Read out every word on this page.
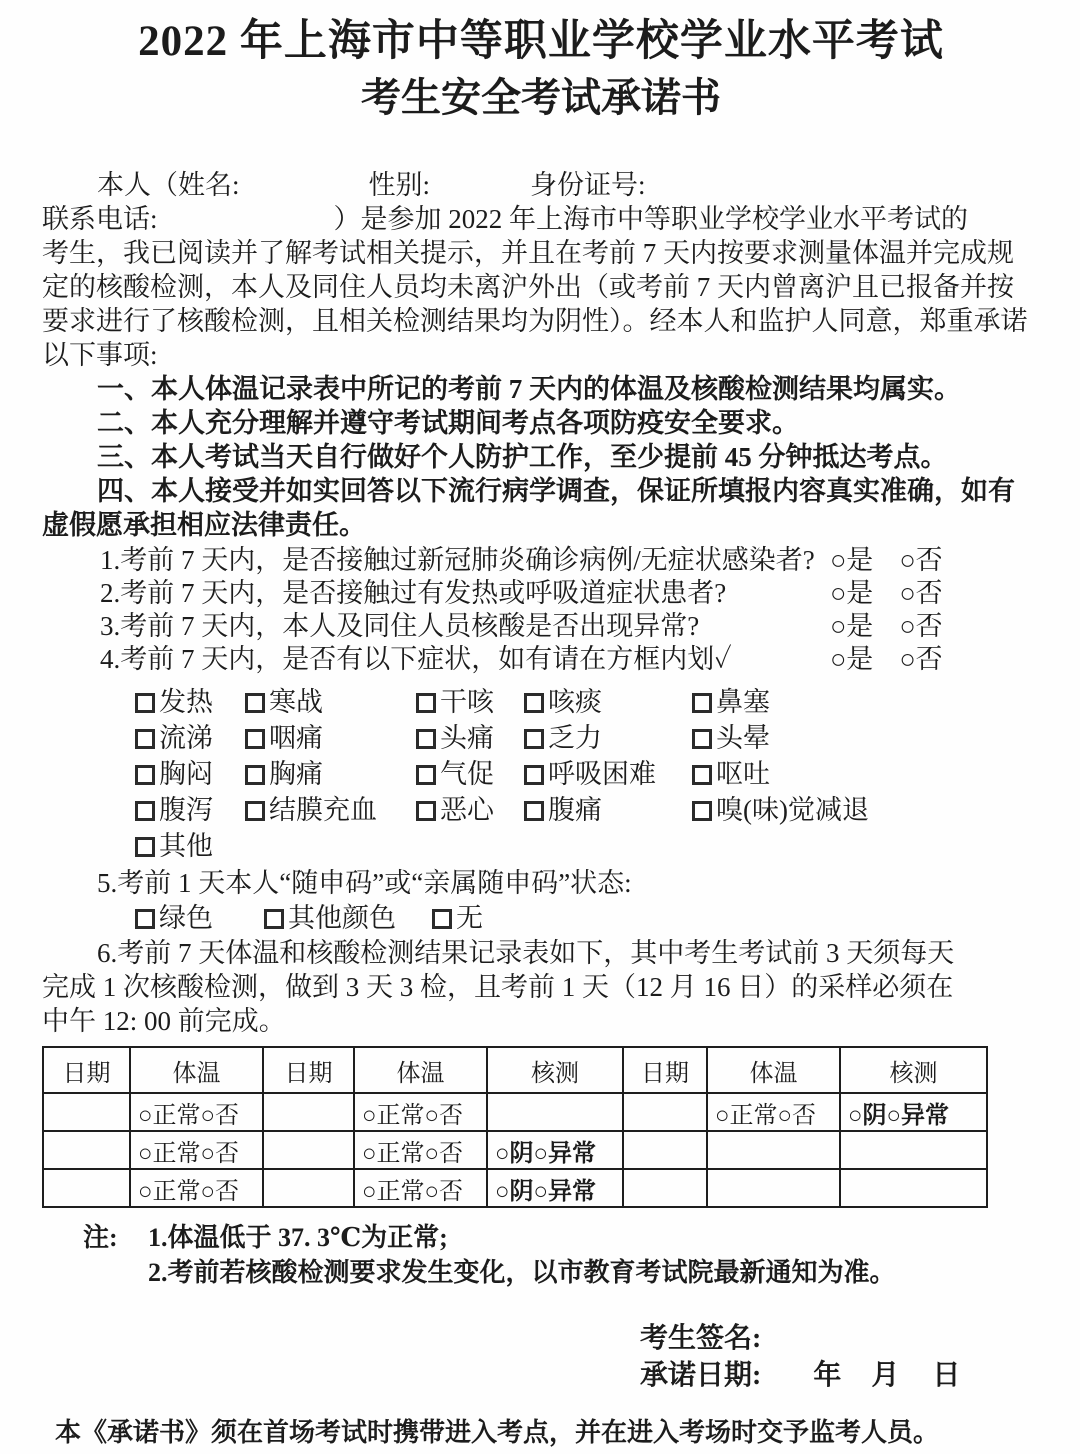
2022 年上海市中等职业学校学业水平考试
考生安全考试承诺书
本人（姓名:	性别:	身份证号:
联系电话:	）是参加 2022 年上海市中等职业学校学业水平考试的
考生，我已阅读并了解考试相关提示，并且在考前 7 天内按要求测量体温并完成规
定的核酸检测，本人及同住人员均未离沪外出（或考前 7 天内曾离沪且已报备并按
要求进行了核酸检测，且相关检测结果均为阴性）。经本人和监护人同意，郑重承诺
以下事项:
一、本人体温记录表中所记的考前 7 天内的体温及核酸检测结果均属实。
二、本人充分理解并遵守考试期间考点各项防疫安全要求。
三、本人考试当天自行做好个人防护工作，至少提前 45 分钟抵达考点。
四、本人接受并如实回答以下流行病学调查，保证所填报内容真实准确，如有
虚假愿承担相应法律责任。
1.考前 7 天内，是否接触过新冠肺炎确诊病例/无症状感染者? ○是 ○否
2.考前 7 天内，是否接触过有发热或呼吸道症状患者?	○是 ○否
3.考前 7 天内，本人及同住人员核酸是否出现异常?	○是 ○否
4.考前 7 天内，是否有以下症状，如有请在方框内划✓	○是 ○否
发热	寒战	干咳	咳痰	鼻塞
流涕	咽痛	头痛	乏力	头晕
胸闷	胸痛	气促	呼吸困难	呕吐
腹泻	结膜充血	恶心	腹痛	嗅(味)觉减退
其他
5.考前 1 天本人“随申码”或“亲属随申码”状态:
绿色	其他颜色 无
6.考前 7 天体温和核酸检测结果记录表如下，其中考生考试前 3 天须每天
完成 1 次核酸检测，做到 3 天 3 检，且考前 1 天（12 月 16 日）的采样必须在
中午 12: 00 前完成。
日期	体温	日期	体温	核测	日期	体温	核测
	○正常○否		○正常○否			○正常○否	○阴○异常
	○正常○否		○正常○否	○阴○异常			
	○正常○否		○正常○否	○阴○异常			
注:	1.体温低于 37. 3℃为正常;
2.考前若核酸检测要求发生变化，以市教育考试院最新通知为准。
考生签名:
承诺日期: 年 月 日
本《承诺书》须在首场考试时携带进入考点，并在进入考场时交予监考人员。
